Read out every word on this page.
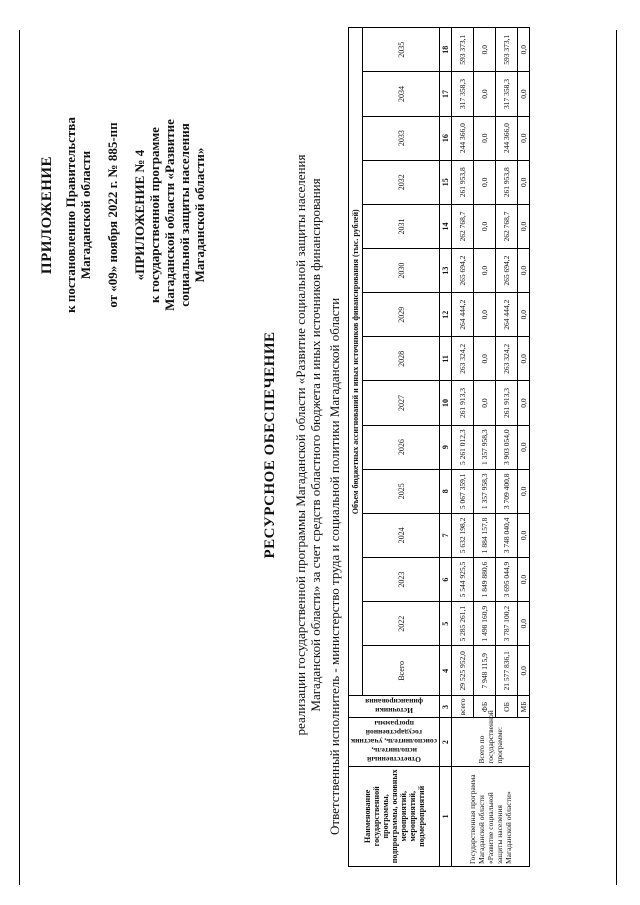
ПРИЛОЖЕНИЕ к постановлению Правительства Магаданской области от «09» ноября 2022 г. № 885-пп «ПРИЛОЖЕНИЕ № 4 к государственной программе Магаданской области «Развитие социальной защиты населения Магаданской области»
РЕСУРСНОЕ ОБЕСПЕЧЕНИЕ реализации государственной программы Магаданской области «Развитие социальной защиты населения Магаданской области» за счет средств областного бюджета и иных источников финансирования Ответственный исполнитель - министерство труда и социальной политики Магаданской области	Наименование государственной программы, подпрограммы, основных мероприятий, мероприятий, подмероприятий	Ответственный исполнитель, соисполнитель, участник государственной программы	Источники финансирования	Объем бюджетных ассигнований и иных источников финансирования (тыс. рублей)														
			Всего	2022	2023	2024	2025	2026	2027	2028	2029	2030	2031	2032	2033	2034	2035
1	2	3	4	5	6	7	8	9	10	11	12	13	14	15	16	17	18
Государственная программа Магаданской области «Развитие социальной защиты населения Магаданской области»	Всего по государственной программе:	всего	29 525 952,0	5 285 261,1	5 544 925,5	5 632 198,2	5 067 359,1	5 261 012,3	261 913,3	263 324,2	264 444,2	265 694,2	262 768,7	261 953,8	244 366,0	317 358,3	593 373,1
		ФБ	7 948 115,9	1 498 160,9	1 849 880,6	1 884 157,8	1 357 958,3	1 357 958,3	0,0	0,0	0,0	0,0	0,0	0,0	0,0	0,0	0,0
		ОБ	21 577 836,1	3 787 100,2	3 695 044,9	3 748 040,4	3 709 400,8	3 903 054,0	261 913,3	263 324,2	264 444,2	265 694,2	262 768,7	261 953,8	244 366,0	317 358,3	593 373,1
		МБ	0,0	0,0	0,0	0,0	0,0	0,0	0,0	0,0	0,0	0,0	0,0	0,0	0,0	0,0	0,0
